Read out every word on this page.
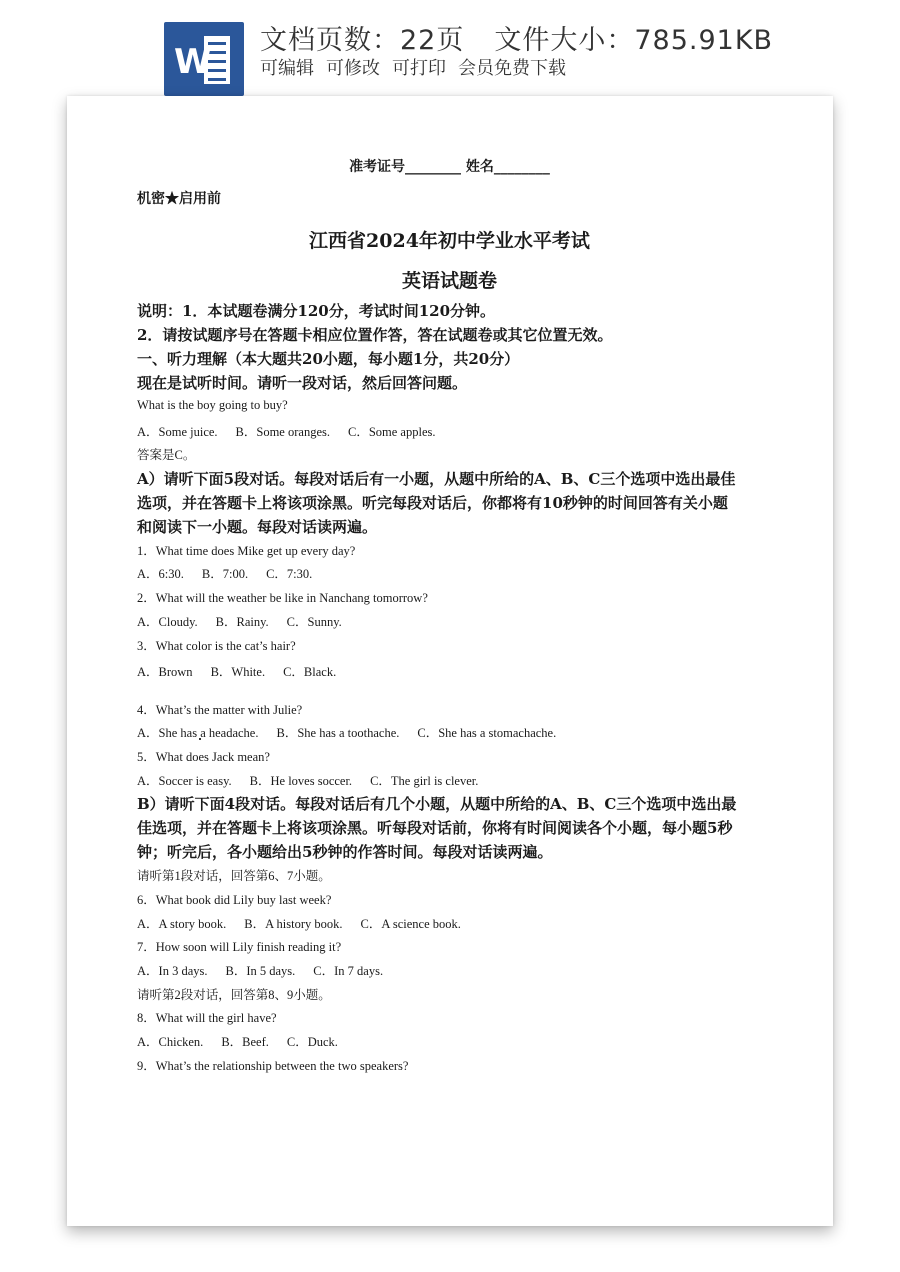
W
文档页数：22页 文件大小：785.91KB
可编辑 可修改 可打印 会员免费下载
准考证号________ 姓名________
机密★启用前
江西省2024年初中学业水平考试
英语试题卷
说明：1．本试题卷满分120分，考试时间120分钟。
2．请按试题序号在答题卡相应位置作答，答在试题卷或其它位置无效。
一、听力理解（本大题共20小题，每小题1分，共20分）
现在是试听时间。请听一段对话，然后回答问题。
What is the boy going to buy?
A．Some juice. B．Some oranges. C．Some apples.
答案是C。
A）请听下面5段对话。每段对话后有一小题，从题中所给的A、B、C三个选项中选出最佳
选项，并在答题卡上将该项涂黑。听完每段对话后，你都将有10秒钟的时间回答有关小题
和阅读下一小题。每段对话读两遍。
1．What time does Mike get up every day?
A．6:30. B．7:00. C．7:30.
2．What will the weather be like in Nanchang tomorrow?
A．Cloudy. B．Rainy. C．Sunny.
3．What color is the cat’s hair?
A．Brown B．White. C．Black.
4．What’s the matter with Julie?
A．She has a headache. B．She has a toothache. C．She has a stomachache.
5．What does Jack mean?
A．Soccer is easy. B．He loves soccer. C．The girl is clever.
B）请听下面4段对话。每段对话后有几个小题，从题中所给的A、B、C三个选项中选出最
佳选项，并在答题卡上将该项涂黑。听每段对话前，你将有时间阅读各个小题，每小题5秒
钟；听完后，各小题给出5秒钟的作答时间。每段对话读两遍。
请听第1段对话，回答第6、7小题。
6．What book did Lily buy last week?
A．A story book. B．A history book. C．A science book.
7．How soon will Lily finish reading it?
A．In 3 days. B．In 5 days. C．In 7 days.
请听第2段对话，回答第8、9小题。
8．What will the girl have?
A．Chicken. B．Beef. C．Duck.
9．What’s the relationship between the two speakers?
